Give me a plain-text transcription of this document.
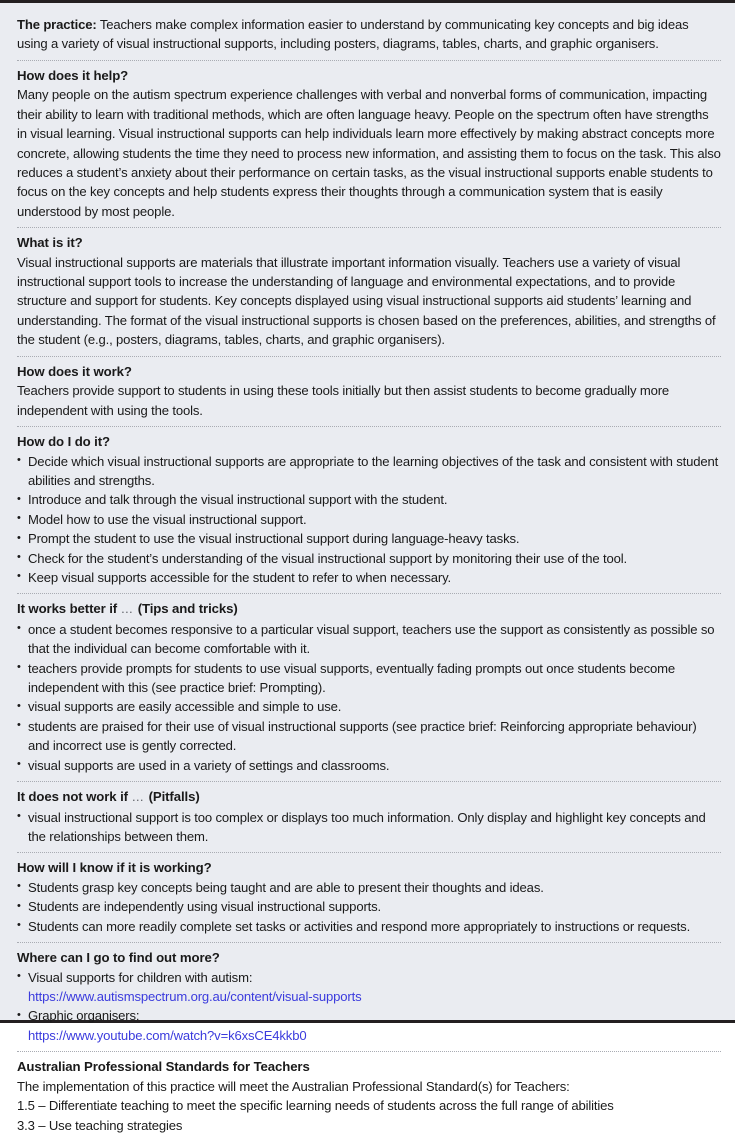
The practice: Teachers make complex information easier to understand by communicating key concepts and big ideas using a variety of visual instructional supports, including posters, diagrams, tables, charts, and graphic organisers.

How does it help?

Many people on the autism spectrum experience challenges with verbal and nonverbal forms of communication, impacting their ability to learn with traditional methods, which are often language heavy. People on the spectrum often have strengths in visual learning. Visual instructional supports can help individuals learn more effectively by making abstract concepts more concrete, allowing students the time they need to process new information, and assisting them to focus on the task. This also reduces a student’s anxiety about their performance on certain tasks, as the visual instructional supports enable students to focus on the key concepts and help students express their thoughts through a communication system that is easily understood by most people.

What is it?

Visual instructional supports are materials that illustrate important information visually. Teachers use a variety of visual instructional support tools to increase the understanding of language and environmental expectations, and to provide structure and support for students. Key concepts displayed using visual instructional supports aid students’ learning and understanding. The format of the visual instructional supports is chosen based on the preferences, abilities, and strengths of the student (e.g., posters, diagrams, tables, charts, and graphic organisers).

How does it work?

Teachers provide support to students in using these tools initially but then assist students to become gradually more independent with using the tools.

How do I do it?
• Decide which visual instructional supports are appropriate to the learning objectives of the task and consistent with student abilities and strengths.
• Introduce and talk through the visual instructional support with the student.
• Model how to use the visual instructional support.
• Prompt the student to use the visual instructional support during language-heavy tasks.
• Check for the student’s understanding of the visual instructional support by monitoring their use of the tool.
• Keep visual supports accessible for the student to refer to when necessary.
It works better if … (Tips and tricks)
• once a student becomes responsive to a particular visual support, teachers use the support as consistently as possible so that the individual can become comfortable with it.
• teachers provide prompts for students to use visual supports, eventually fading prompts out once students become independent with this (see practice brief: Prompting).
• visual supports are easily accessible and simple to use.
• students are praised for their use of visual instructional supports (see practice brief: Reinforcing appropriate behaviour) and incorrect use is gently corrected.
• visual supports are used in a variety of settings and classrooms.
It does not work if … (Pitfalls)
• visual instructional support is too complex or displays too much information. Only display and highlight key concepts and the relationships between them.
How will I know if it is working?
• Students grasp key concepts being taught and are able to present their thoughts and ideas.
• Students are independently using visual instructional supports.
• Students can more readily complete set tasks or activities and respond more appropriately to instructions or requests.
Where can I go to find out more?
• Visual supports for children with autism:
https://www.autismspectrum.org.au/content/visual-supports
• Graphic organisers:
https://www.youtube.com/watch?v=k6xsCE4kkb0
Australian Professional Standards for Teachers
The implementation of this practice will meet the Australian Professional Standard(s) for Teachers:
1.5 – Differentiate teaching to meet the specific learning needs of students across the full range of abilities
3.3 – Use teaching strategies
